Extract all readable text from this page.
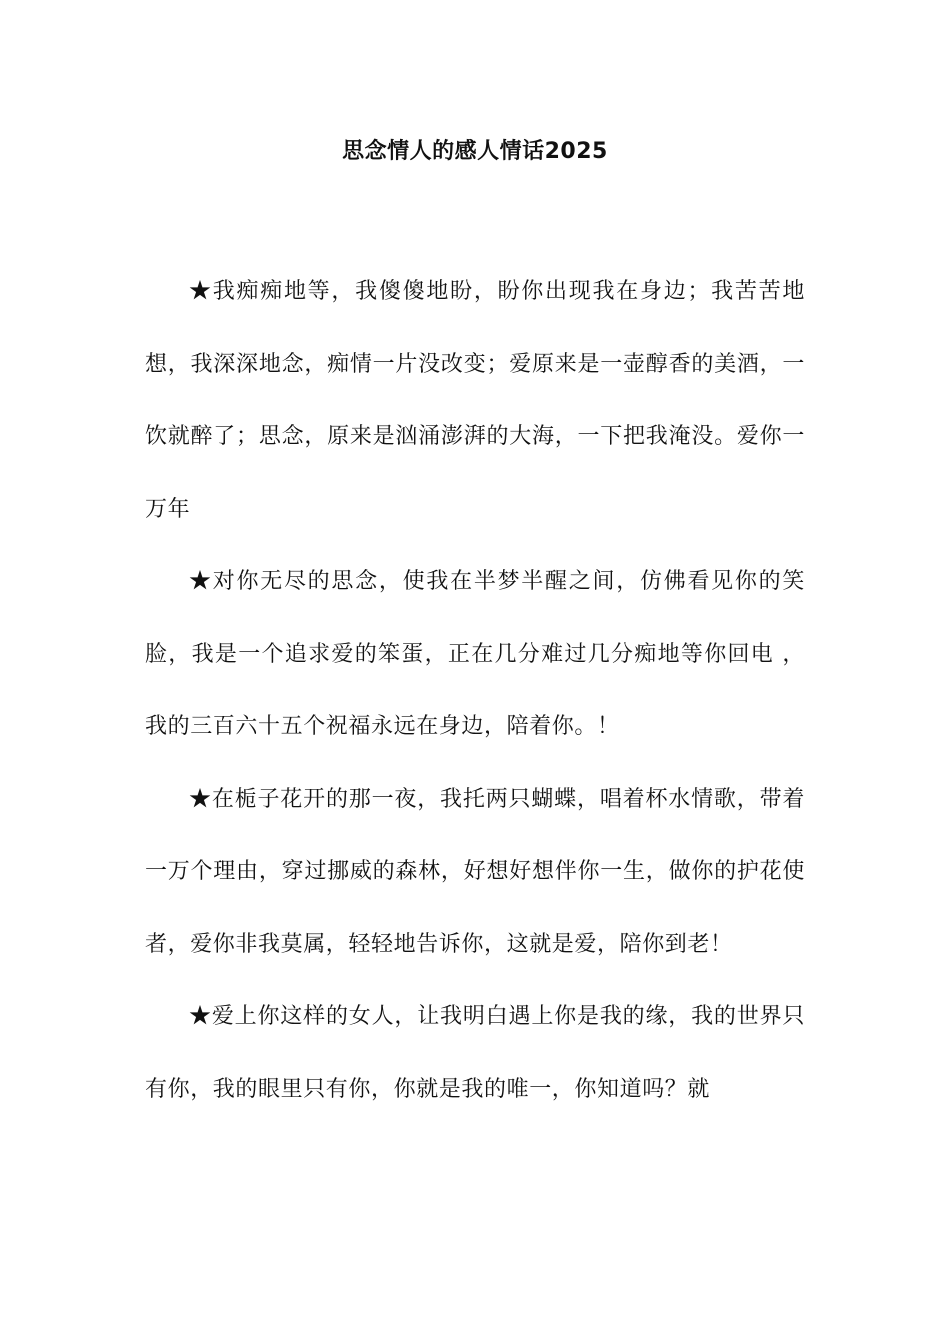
思念情人的感人情话2025

★我痴痴地等，我傻傻地盼，盼你出现我在身边；我苦苦地想，我深深地念，痴情一片没改变；爱原来是一壶醇香的美酒，一饮就醉了；思念，原来是汹涌澎湃的大海，一下把我淹没。爱你一万年

★对你无尽的思念，使我在半梦半醒之间，仿佛看见你的笑脸，我是一个追求爱的笨蛋，正在几分难过几分痴地等你回电 ，我的三百六十五个祝福永远在身边，陪着你。！

★在栀子花开的那一夜，我托两只蝴蝶，唱着杯水情歌，带着一万个理由，穿过挪威的森林，好想好想伴你一生，做你的护花使者，爱你非我莫属，轻轻地告诉你，这就是爱，陪你到老！

★爱上你这样的女人，让我明白遇上你是我的缘，我的世界只有你，我的眼里只有你，你就是我的唯一，你知道吗？就
